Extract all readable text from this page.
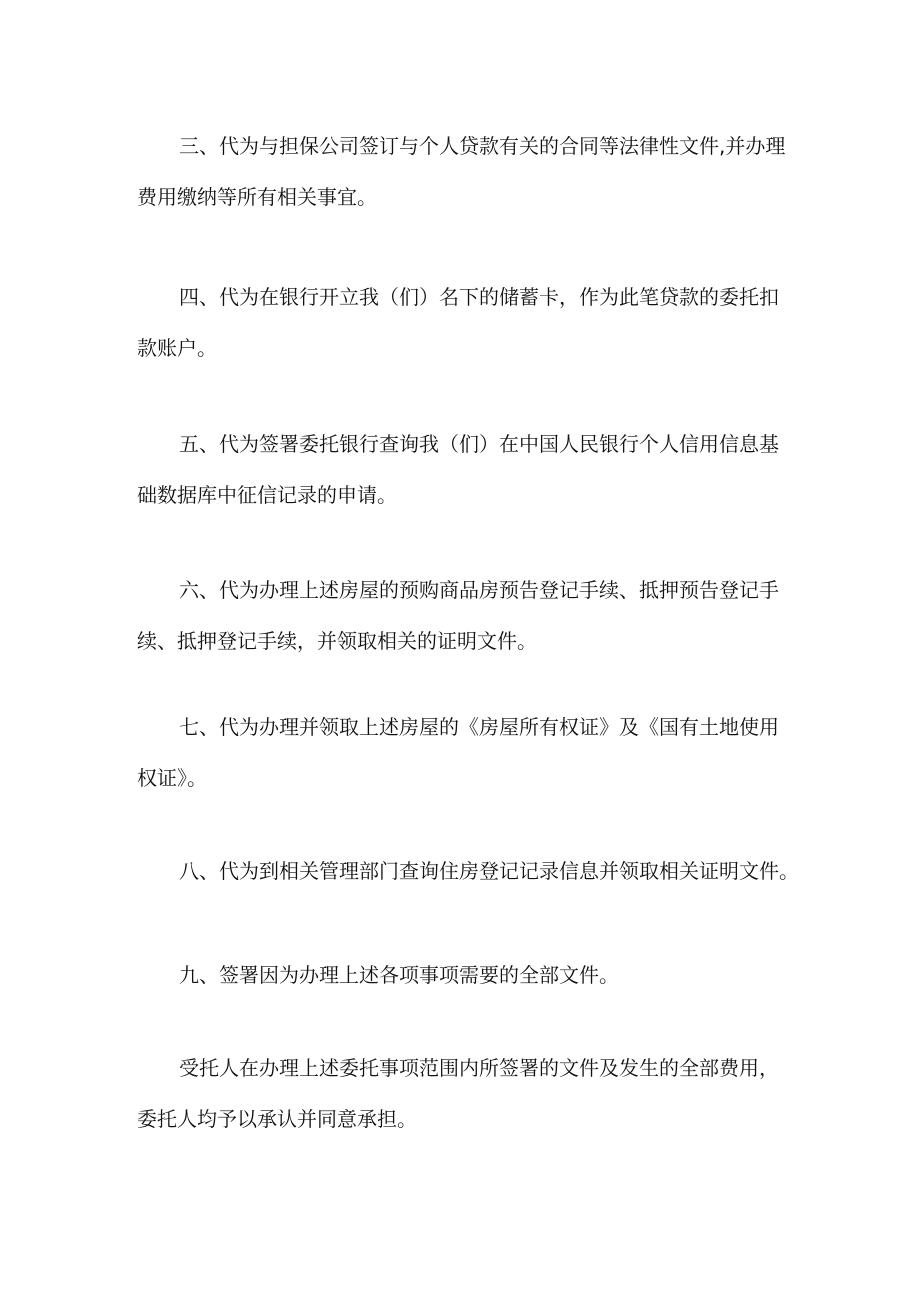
三、代为与担保公司签订与个人贷款有关的合同等法律性文件,并办理
费用缴纳等所有相关事宜。
四、代为在银行开立我（们）名下的储蓄卡，作为此笔贷款的委托扣
款账户。
五、代为签署委托银行查询我（们）在中国人民银行个人信用信息基
础数据库中征信记录的申请。
六、代为办理上述房屋的预购商品房预告登记手续、抵押预告登记手
续、抵押登记手续，并领取相关的证明文件。
七、代为办理并领取上述房屋的《房屋所有权证》及《国有土地使用
权证》。
八、代为到相关管理部门查询住房登记记录信息并领取相关证明文件。
九、签署因为办理上述各项事项需要的全部文件。
受托人在办理上述委托事项范围内所签署的文件及发生的全部费用，
委托人均予以承认并同意承担。
